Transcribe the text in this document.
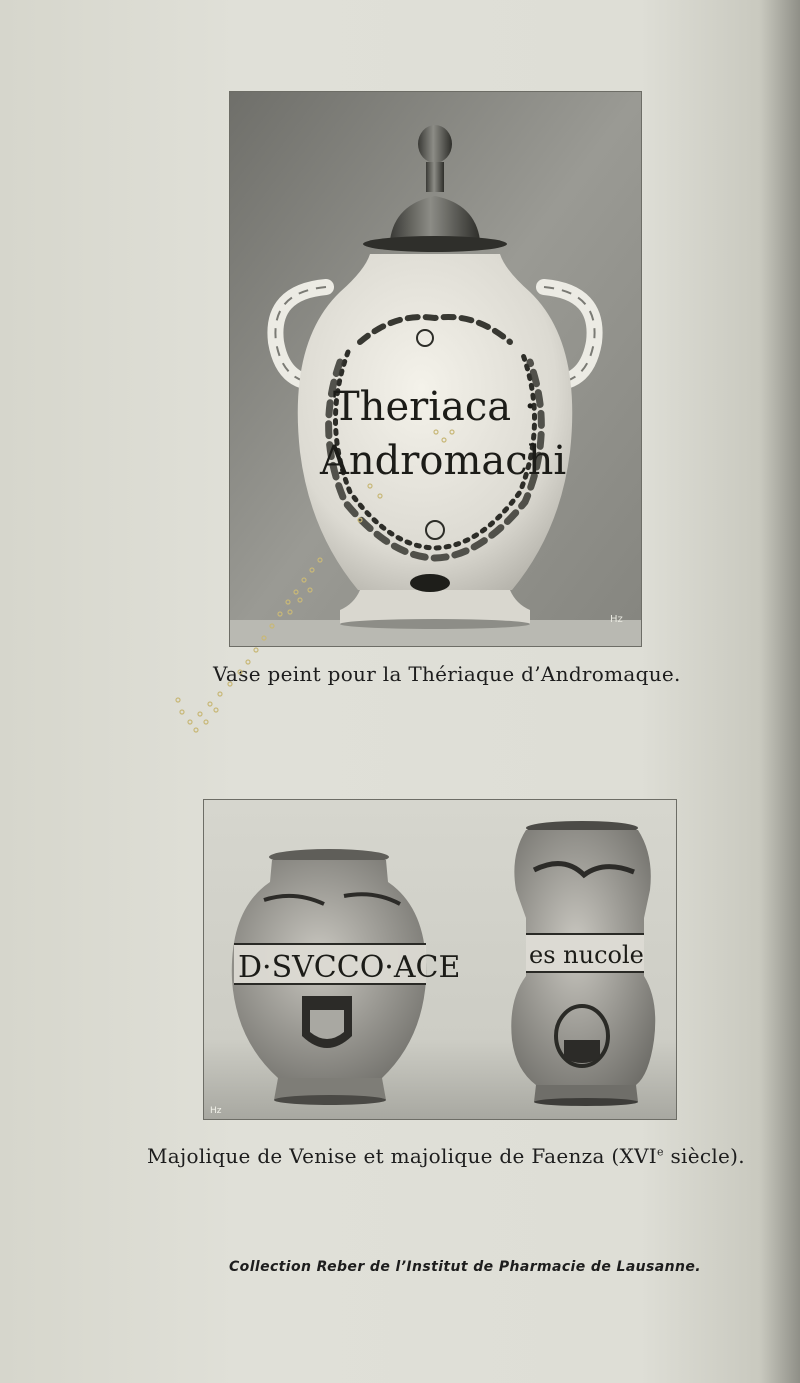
Theriaca ·
Andromachi
Hz
Vase peint pour la Thériaque d’Andromaque.
D·SVCCO·ACE	es nucole
Hz
Majolique de Venise et majolique de Faenza (XVIe siècle).
Collection Reber de l’Institut de Pharmacie de Lausanne.
